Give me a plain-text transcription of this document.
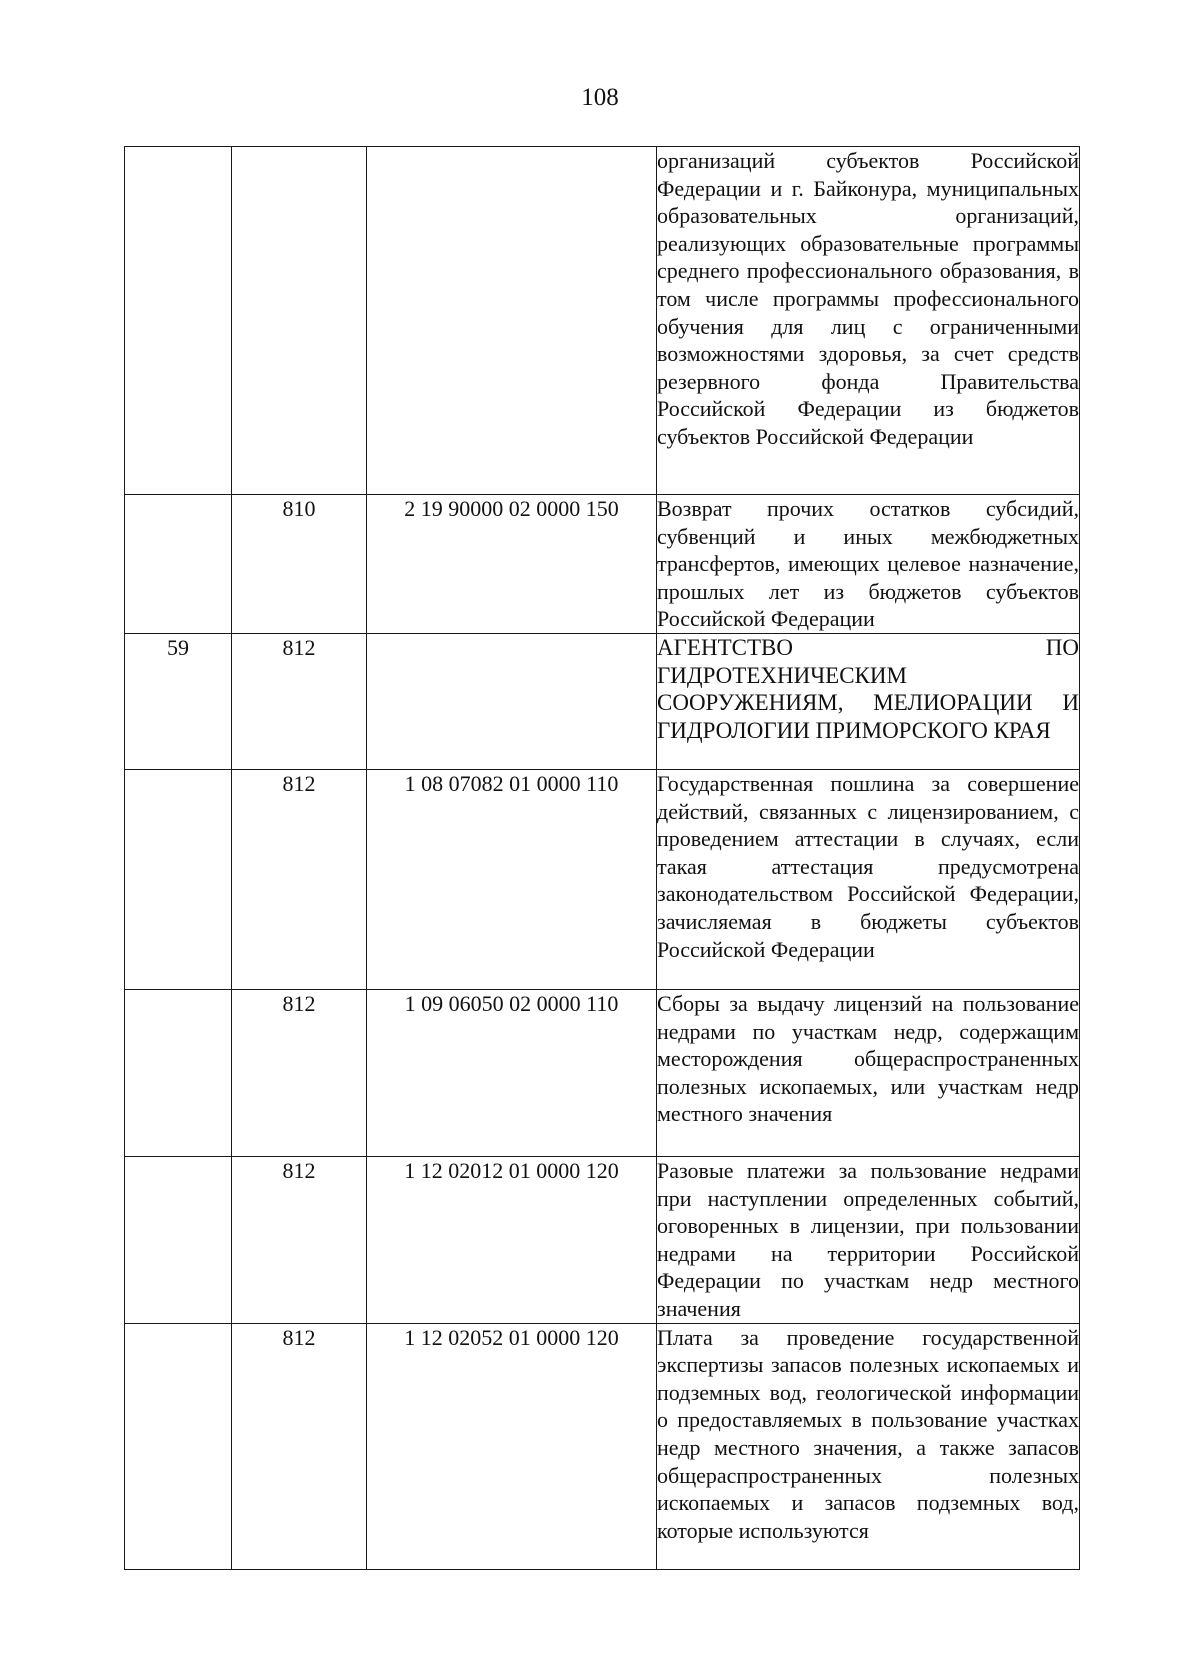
108

			организаций субъектов Российской Федерации и г. Байконура, муниципальных образовательных организаций, реализующих образовательные программы среднего профессионального образования, в том числе программы профессионального обучения для лиц с ограниченными возможностями здоровья, за счет средств резервного фонда Правительства Российской Федерации из бюджетов субъектов Российской Федерации

	810	2 19 90000 02 0000 150	Возврат прочих остатков субсидий, субвенций и иных межбюджетных трансфертов, имеющих целевое назначение, прошлых лет из бюджетов субъектов Российской Федерации

59	812		АГЕНТСТВО ПО ГИДРОТЕХНИЧЕСКИМ СООРУЖЕНИЯМ, МЕЛИОРАЦИИ И ГИДРОЛОГИИ ПРИМОРСКОГО КРАЯ

	812	1 08 07082 01 0000 110	Государственная пошлина за совершение действий, связанных с лицензированием, с проведением аттестации в случаях, если такая аттестация предусмотрена законодательством Российской Федерации, зачисляемая в бюджеты субъектов Российской Федерации

	812	1 09 06050 02 0000 110	Сборы за выдачу лицензий на пользование недрами по участкам недр, содержащим месторождения общераспространенных полезных ископаемых, или участкам недр местного значения

	812	1 12 02012 01 0000 120	Разовые платежи за пользование недрами при наступлении определенных событий, оговоренных в лицензии, при пользовании недрами на территории Российской Федерации по участкам недр местного значения

	812	1 12 02052 01 0000 120	Плата за проведение государственной экспертизы запасов полезных ископаемых и подземных вод, геологической информации о предоставляемых в пользование участках недр местного значения, а также запасов общераспространенных полезных ископаемых и запасов подземных вод, которые используются
